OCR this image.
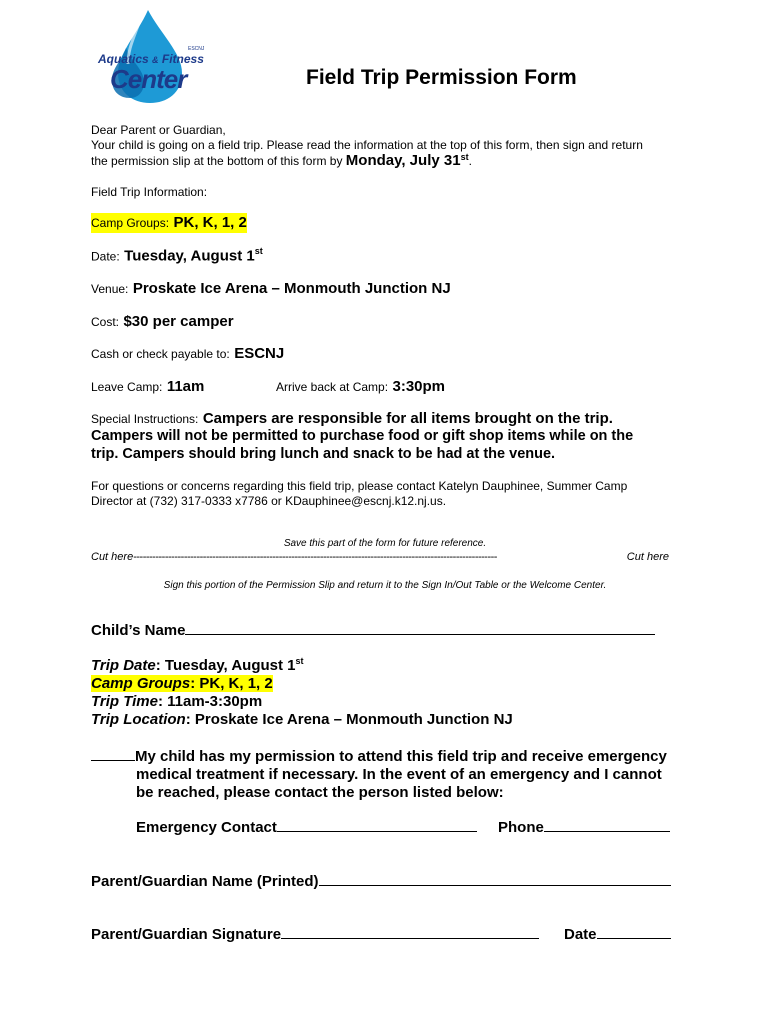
Aquatics & Fitness
ESCNJ
Center	Field Trip Permission Form
Dear Parent or Guardian,
Your child is going on a field trip. Please read the information at the top of this form, then sign and return
the permission slip at the bottom of this form by Monday, July 31st.
Field Trip Information:
Camp Groups: PK, K, 1, 2
Date: Tuesday, August 1st
Venue: Proskate Ice Arena – Monmouth Junction NJ
Cost: $30 per camper
Cash or check payable to: ESCNJ
Leave Camp: 11am	Arrive back at Camp: 3:30pm
Special Instructions: Campers are responsible for all items brought on the trip.
Campers will not be permitted to purchase food or gift shop items while on the
trip. Campers should bring lunch and snack to be had at the venue.
For questions or concerns regarding this field trip, please contact Katelyn Dauphinee, Summer Camp
Director at (732) 317-0333 x7786 or KDauphinee@escnj.k12.nj.us.
Save this part of the form for future reference.
Cut here -------------------------------------------------------------------------------------------------------------------	Cut here
Sign this portion of the Permission Slip and return it to the Sign In/Out Table or the Welcome Center.
Child’s Name
Trip Date: Tuesday, August 1st
Camp Groups: PK, K, 1, 2
Trip Time: 11am-3:30pm
Trip Location: Proskate Ice Arena – Monmouth Junction NJ
My child has my permission to attend this field trip and receive emergency
medical treatment if necessary. In the event of an emergency and I cannot
be reached, please contact the person listed below:
Emergency Contact	Phone
Parent/Guardian Name (Printed)
Parent/Guardian Signature	Date
